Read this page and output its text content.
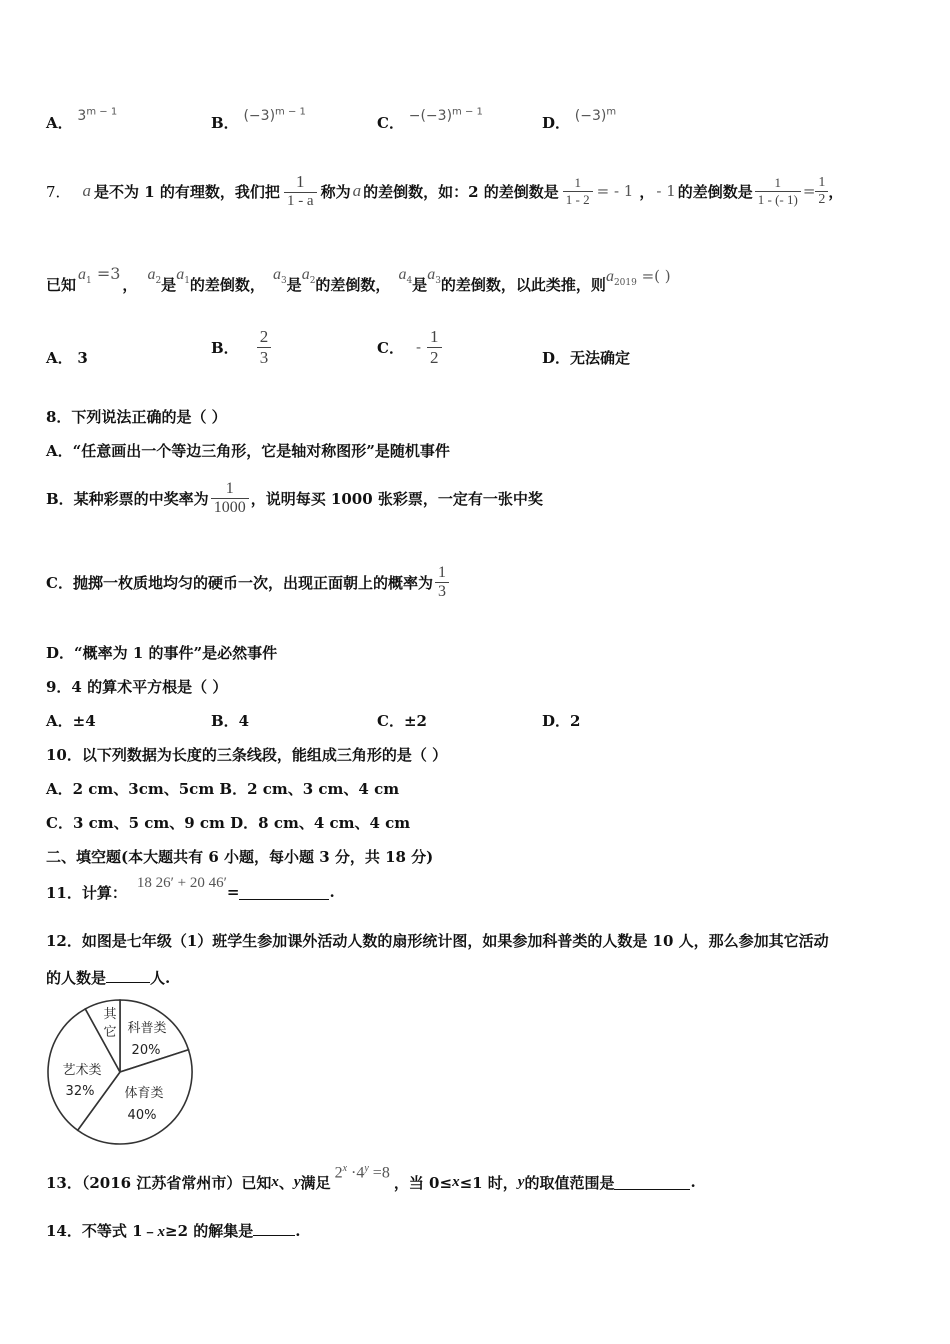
A． $3^{m - 1}$
B． $(-3)^{m - 1}$
C． $-(-3)^{m - 1}$
D． $(-3)^m$
7． a 是不为 1 的有理数，我们把 $\frac{1}{1 - a}$ 称为 a 的差倒数，如：2 的差倒数是 $\frac{1}{1 - 2}$ = - 1 ， - 1 的差倒数是 $\frac{1}{1 - (- 1)} = \frac{1}{2}$ ，
已知
$a_1 =3$
，
$a_2$ 是
$a_1$ 的差倒数，
$a_3$ 是
$a_2$ 的差倒数，
$a_4$ 是
$a_3$ 的差倒数，以此类推，则 $a_{2019}$ =( )
A． 3
B． $\frac{2}{3}$	C． - $\frac{1}{2}$	D．无法确定
8．下列说法正确的是（ ）
A．“任意画出一个等边三角形，它是轴对称图形”是随机事件
B．某种彩票的中奖率为 $\frac{1}{1000}$ ，说明每买 1000 张彩票，一定有一张中奖
C．抛掷一枚质地均匀的硬币一次，出现正面朝上的概率为 $\frac{1}{3}$
D．“概率为 1 的事件”是必然事件
9．4 的算术平方根是（ ）
A．±4	B．4	C．±2	D．2
10．以下列数据为长度的三条线段，能组成三角形的是（ ）
A．2 cm、3cm、5cm B．2 cm、3 cm、4 cm
C．3 cm、5 cm、9 cm D．8 cm、4 cm、4 cm
二、填空题(本大题共有 6 小题，每小题 3 分，共 18 分)
11．计算：
18 26′ + 20 46′
=	.
12．如图是七年级（1）班学生参加课外活动人数的扇形统计图，如果参加科普类的人数是 10 人，那么参加其它活动
的人数是	人.
其
它 科普类
20%
艺术类
32% 体育类
40%
13．（2016 江苏省常州市）已知 x 、 y 满足
$2^x \cdot 4^y =8$
，当 0≤ x ≤1 时， y 的取值范围是	.
14．不等式 1﹣x≥2 的解集是	.
